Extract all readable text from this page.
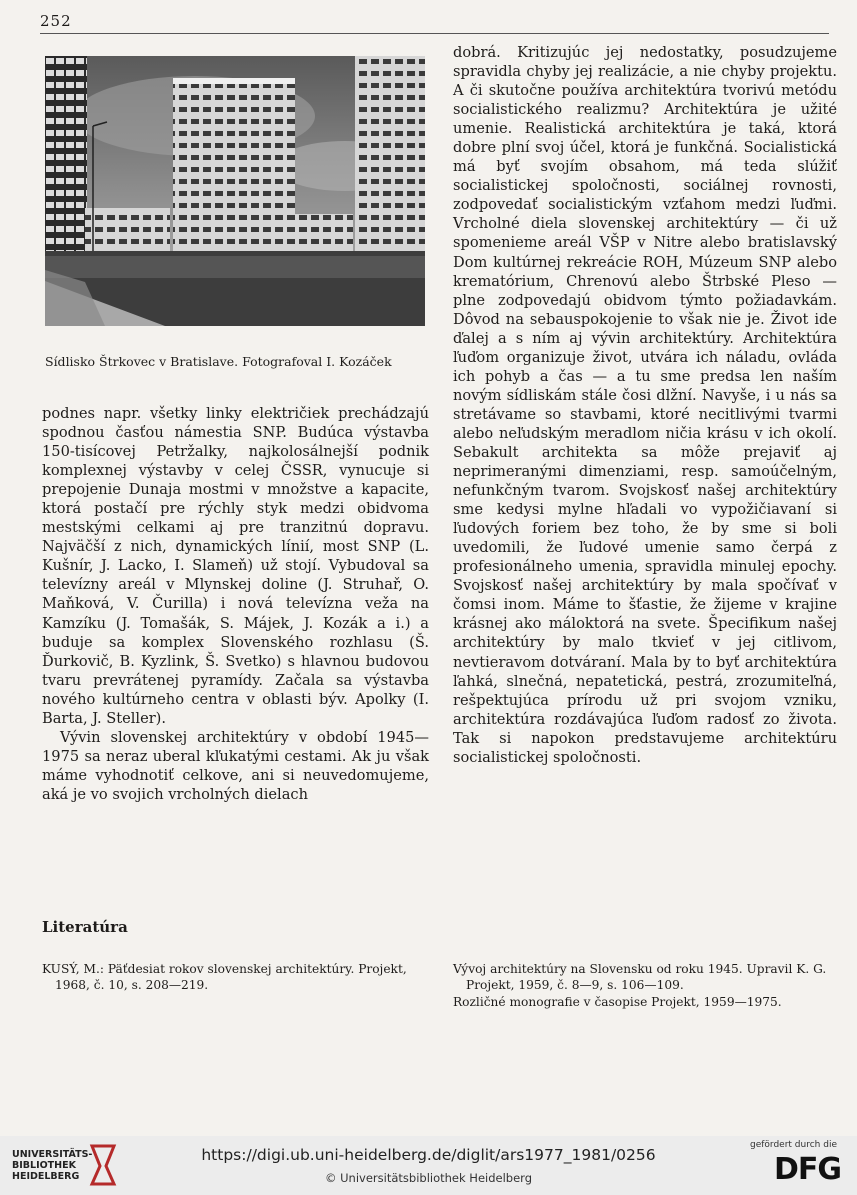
252
Sídlisko Štrkovec v Bratislave. Fotografoval I. Kozáček

podnes napr. všetky linky električiek prechádzajú spodnou časťou námestia SNP. Budúca výstavba 150-tisícovej Petržalky, najkolosálnejší podnik komplexnej výstavby v celej ČSSR, vynucuje si prepojenie Dunaja mostmi v množstve a kapacite, ktorá postačí pre rýchly styk medzi obidvoma mestskými celkami aj pre tranzitnú dopravu. Najväčší z nich, dynamických línií, most SNP (L. Kušnír, J. Lacko, I. Slameň) už stojí. Vybudoval sa televízny areál v Mlynskej doline (J. Struhař, O. Maňková, V. Čurilla) i nová televízna veža na Kamzíku (J. Tomašák, S. Májek, J. Kozák a i.) a buduje sa komplex Slovenského rozhlasu (Š. Ďurkovič, B. Kyzlink, Š. Svetko) s hlavnou budovou tvaru prevrátenej pyramídy. Začala sa výstavba nového kultúrneho centra v oblasti býv. Apolky (I. Barta, J. Steller).

Vývin slovenskej architektúry v období 1945—1975 sa neraz uberal kľukatými cestami. Ak ju však máme vyhodnotiť celkove, ani si neuvedomujeme, aká je vo svojich vrcholných dielach

dobrá. Kritizujúc jej nedostatky, posudzujeme spravidla chyby jej realizácie, a nie chyby projektu. A či skutočne používa architektúra tvorivú metódu socialistického realizmu? Architektúra je užité umenie. Realistická architektúra je taká, ktorá dobre plní svoj účel, ktorá je funkčná. Socialistická má byť svojím obsahom, má teda slúžiť socialistickej spoločnosti, sociálnej rovnosti, zodpovedať socialistickým vzťahom medzi ľuďmi. Vrcholné diela slovenskej architektúry — či už spomenieme areál VŠP v Nitre alebo bratislavský Dom kultúrnej rekreácie ROH, Múzeum SNP alebo krematórium, Chrenovú alebo Štrbské Pleso — plne zodpovedajú obidvom týmto požiadavkám. Dôvod na sebauspokojenie to však nie je. Život ide ďalej a s ním aj vývin architektúry. Architektúra ľuďom organizuje život, utvára ich náladu, ovláda ich pohyb a čas — a tu sme predsa len naším novým sídliskám stále čosi dlžní. Navyše, i u nás sa stretávame so stavbami, ktoré necitlivými tvarmi alebo neľudským meradlom ničia krásu v ich okolí. Sebakult architekta sa môže prejaviť aj neprimeranými dimenziami, resp. samoúčelným, nefunkčným tvarom. Svojskosť našej architektúry sme kedysi mylne hľadali vo vypožičiavaní si ľudových foriem bez toho, že by sme si boli uvedomili, že ľudové umenie samo čerpá z profesionálneho umenia, spravidla minulej epochy. Svojskosť našej architektúry by mala spočívať v čomsi inom. Máme to šťastie, že žijeme v krajine krásnej ako máloktorá na svete. Špecifikum našej architektúry by malo tkvieť v jej citlivom, nevtieravom dotváraní. Mala by to byť architektúra ľahká, slnečná, nepatetická, pestrá, zrozumiteľná, rešpektujúca prírodu už pri svojom vzniku, architektúra rozdávajúca ľuďom radosť zo života. Tak si napokon predstavujeme architektúru socialistickej spoločnosti.

Literatúra
KUSÝ, M.: Päťdesiat rokov slovenskej architektúry. Projekt, 1968, č. 10, s. 208—219.
Vývoj architektúry na Slovensku od roku 1945. Upravil K. G. Projekt, 1959, č. 8—9, s. 106—109.
Rozličné monografie v časopise Projekt, 1959—1975.
UNIVERSITÄTS-
BIBLIOTHEK
HEIDELBERG
https://digi.ub.uni-heidelberg.de/diglit/ars1977_1981/0256
© Universitätsbibliothek Heidelberg
gefördert durch die
DFG
